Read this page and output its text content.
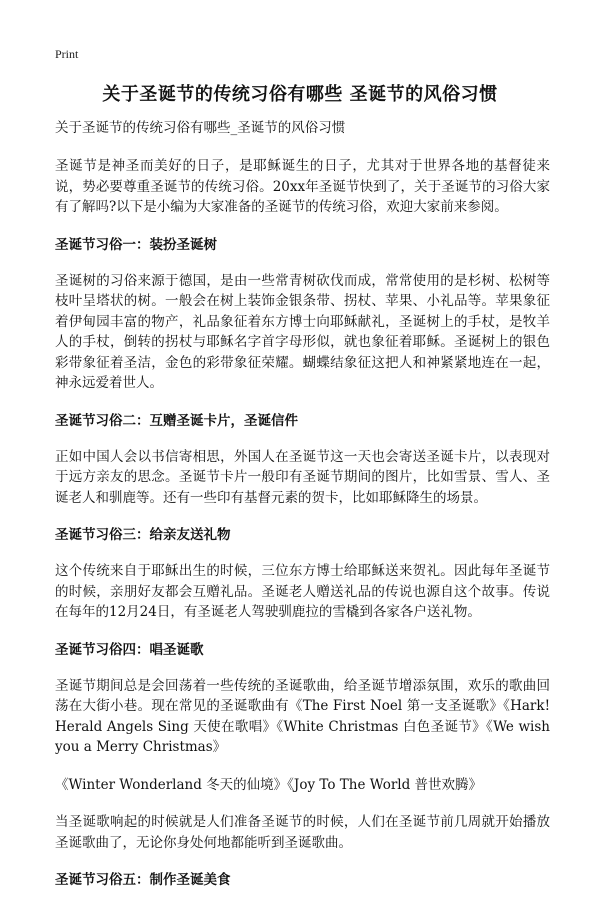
Print
关于圣诞节的传统习俗有哪些 圣诞节的风俗习惯
关于圣诞节的传统习俗有哪些_圣诞节的风俗习惯

圣诞节是神圣而美好的日子，是耶稣诞生的日子，尤其对于世界各地的基督徒来说，势必要尊重圣诞节的传统习俗。20xx年圣诞节快到了，关于圣诞节的习俗大家有了解吗?以下是小编为大家准备的圣诞节的传统习俗，欢迎大家前来参阅。

圣诞节习俗一：装扮圣诞树

圣诞树的习俗来源于德国，是由一些常青树砍伐而成，常常使用的是杉树、松树等枝叶呈塔状的树。一般会在树上装饰金银条带、拐杖、苹果、小礼品等。苹果象征着伊甸园丰富的物产，礼品象征着东方博士向耶稣献礼，圣诞树上的手杖，是牧羊人的手杖，倒转的拐杖与耶稣名字首字母形似，就也象征着耶稣。圣诞树上的银色彩带象征着圣洁，金色的彩带象征荣耀。蝴蝶结象征这把人和神紧紧地连在一起，神永远爱着世人。

圣诞节习俗二：互赠圣诞卡片，圣诞信件

正如中国人会以书信寄相思，外国人在圣诞节这一天也会寄送圣诞卡片，以表现对于远方亲友的思念。圣诞节卡片一般印有圣诞节期间的图片，比如雪景、雪人、圣诞老人和驯鹿等。还有一些印有基督元素的贺卡，比如耶稣降生的场景。

圣诞节习俗三：给亲友送礼物

这个传统来自于耶稣出生的时候，三位东方博士给耶稣送来贺礼。因此每年圣诞节的时候，亲朋好友都会互赠礼品。圣诞老人赠送礼品的传说也源自这个故事。传说在每年的12月24日，有圣诞老人驾驶驯鹿拉的雪橇到各家各户送礼物。

圣诞节习俗四：唱圣诞歌

圣诞节期间总是会回荡着一些传统的圣诞歌曲，给圣诞节增添氛围，欢乐的歌曲回荡在大街小巷。现在常见的圣诞歌曲有《The First Noel 第一支圣诞歌》《Hark! Herald Angels Sing 天使在歌唱》《White Christmas 白色圣诞节》《We wish you a Merry Christmas》

《Winter Wonderland 冬天的仙境》《Joy To The World 普世欢腾》

当圣诞歌响起的时候就是人们准备圣诞节的时候，人们在圣诞节前几周就开始播放圣诞歌曲了，无论你身处何地都能听到圣诞歌曲。

圣诞节习俗五：制作圣诞美食
